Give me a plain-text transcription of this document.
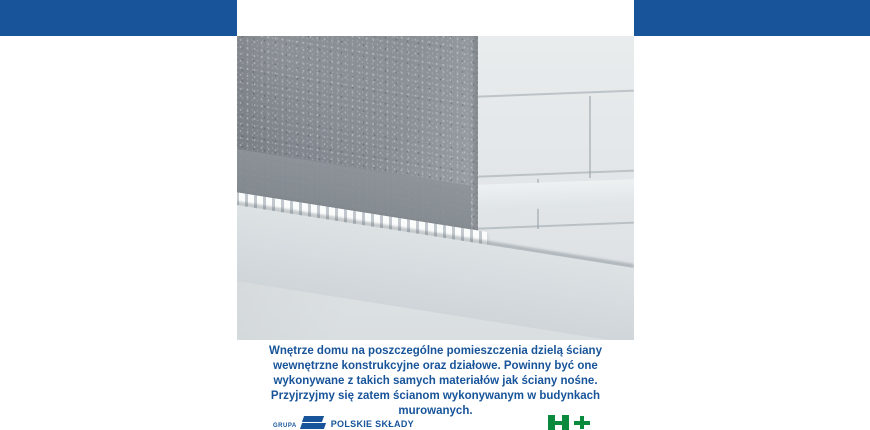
Wnętrze domu na poszczególne pomieszczenia dzielą ściany

wewnętrzne konstrukcyjne oraz działowe. Powinny być one

wykonywane z takich samych materiałów jak ściany nośne.

Przyjrzyjmy się zatem ścianom wykonywanym w budynkach

murowanych.

GRUPA	POLSKIE SKŁADY
